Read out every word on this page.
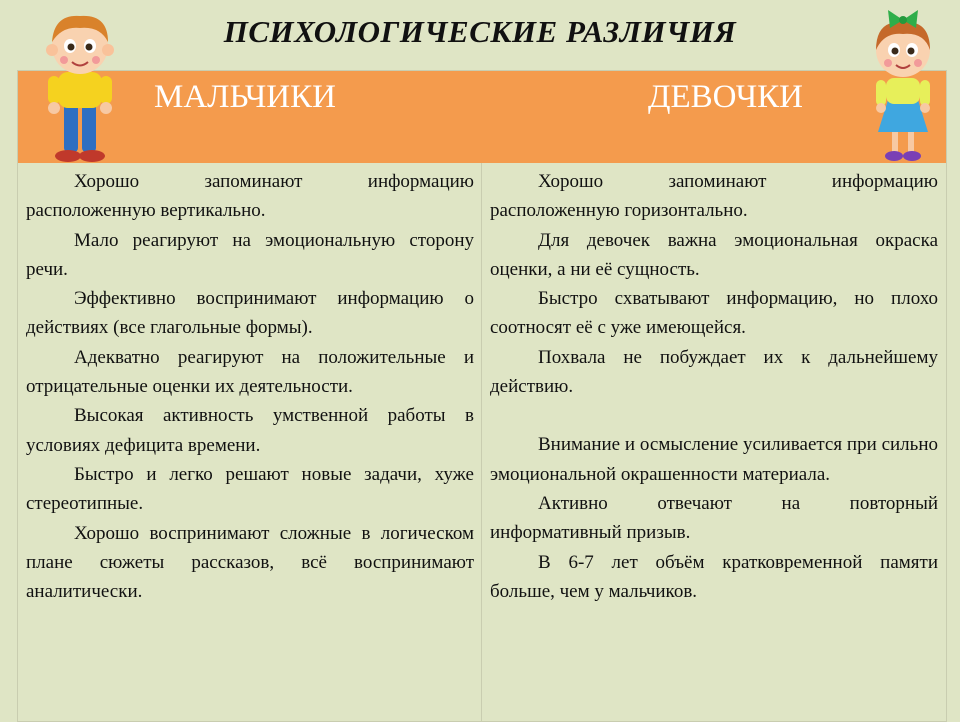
ПСИХОЛОГИЧЕСКИЕ РАЗЛИЧИЯ
МАЛЬЧИКИ	ДЕВОЧКИ

Хорошо запоминают информацию расположенную вертикально.

Мало реагируют на эмоциональную сторону речи.

Эффективно воспринимают информацию о действиях (все глагольные формы).

Адекватно реагируют на положительные и отрицательные оценки их деятельности.

Высокая активность умственной работы в условиях дефицита времени.

Быстро и легко решают новые задачи, хуже стереотипные.

Хорошо воспринимают сложные в логическом плане сюжеты рассказов, всё воспринимают аналитически.

Хорошо запоминают информацию расположенную горизонтально.

Для девочек важна эмоциональная окраска оценки, а ни её сущность.

Быстро схватывают информацию, но плохо соотносят её с уже имеющейся.

Похвала не побуждает их к дальнейшему действию.

Внимание и осмысление усиливается при сильно эмоциональной окрашенности материала.

Активно отвечают на повторный информативный призыв.

В 6-7 лет объём кратковременной памяти больше, чем у мальчиков.
